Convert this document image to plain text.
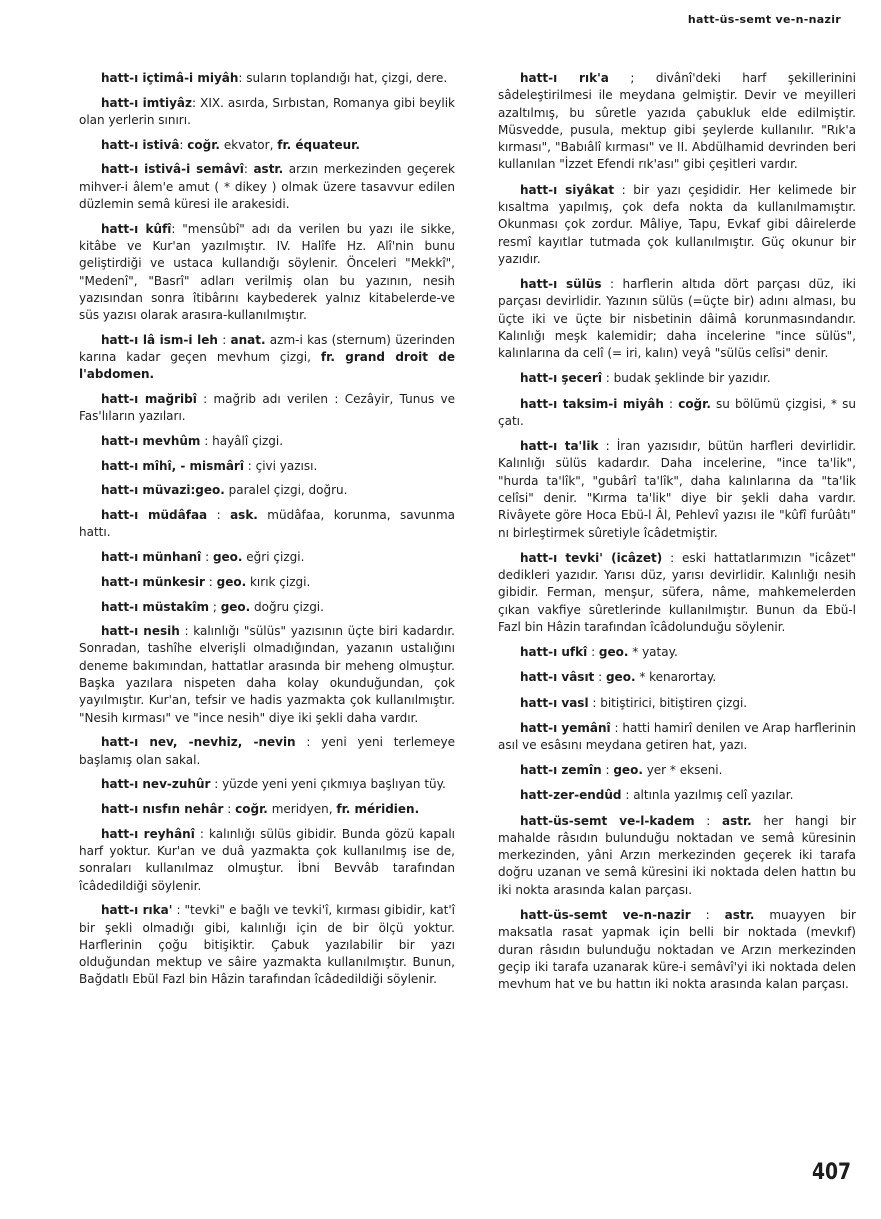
hatt-üs-semt ve-n-nazir

hatt-ı içtimâ-i miyâh: suların toplandığı hat, çizgi, dere.

hatt-ı imtiyâz: XIX. asırda, Sırbıstan, Romanya gibi beylik olan yerlerin sınırı.

hatt-ı istivâ: coğr. ekvator, fr. équateur.

hatt-ı istivâ-i semâvî: astr. arzın merkezinden geçerek mihver-i âlem'e amut ( * dikey ) olmak üzere tasavvur edilen düzlemin semâ küresi ile arakesidi.

hatt-ı kûfî: "mensûbî" adı da verilen bu yazı ile sikke, kitâbe ve Kur'an yazılmıştır. IV. Halîfe Hz. Alî'nin bunu geliştirdiği ve ustaca kullandığı söylenir. Önceleri "Mekkî", "Medenî", "Basrî" adları verilmiş olan bu yazının, nesih yazısından sonra îtibârını kaybederek yalnız kitabelerde-ve süs yazısı olarak arasıra-kullanılmıştır.

hatt-ı lâ ism-i leh : anat. azm-i kas (sternum) üzerinden karına kadar geçen mevhum çizgi, fr. grand droit de l'abdomen.

hatt-ı mağribî : mağrib adı verilen : Cezâyir, Tunus ve Fas'lıların yazıları.

hatt-ı mevhûm : hayâlî çizgi.

hatt-ı mîhî, - mismârî : çivi yazısı.

hatt-ı müvazi:geo. paralel çizgi, doğru.

hatt-ı müdâfaa : ask. müdâfaa, korunma, savunma hattı.

hatt-ı münhanî : geo. eğri çizgi.

hatt-ı münkesir : geo. kırık çizgi.

hatt-ı müstakîm ; geo. doğru çizgi.

hatt-ı nesih : kalınlığı "sülüs" yazısının üçte biri kadardır. Sonradan, tashîhe elverişli olmadığından, yazanın ustalığını deneme bakımından, hattatlar arasında bir meheng olmuştur. Başka yazılara nispeten daha kolay okunduğundan, çok yayılmıştır. Kur'an, tefsir ve hadis yazmakta çok kullanılmıştır. "Nesih kırması" ve "ince nesih" diye iki şekli daha vardır.

hatt-ı nev, -nevhiz, -nevin : yeni yeni terlemeye başlamış olan sakal.

hatt-ı nev-zuhûr : yüzde yeni yeni çıkmıya başlıyan tüy.

hatt-ı nısfın nehâr : coğr. meridyen, fr. méridien.

hatt-ı reyhânî : kalınlığı sülüs gibidir. Bunda gözü kapalı harf yoktur. Kur'an ve duâ yazmakta çok kullanılmış ise de, sonraları kullanılmaz olmuştur. İbni Bevvâb tarafından îcâdedildiği söylenir.

hatt-ı rıka' : "tevki" e bağlı ve tevki'î, kırması gibidir, kat'î bir şekli olmadığı gibi, kalınlığı için de bir ölçü yoktur. Harflerinin çoğu bitişiktir. Çabuk yazılabilir bir yazı olduğundan mektup ve sâire yazmakta kullanılmıştır. Bunun, Bağdatlı Ebül Fazl bin Hâzin tarafından îcâdedildiği söylenir.

hatt-ı rık'a ; divânî'deki harf şekillerinini sâdeleştirilmesi ile meydana gelmiştir. Devir ve meyilleri azaltılmış, bu sûretle yazıda çabukluk elde edilmiştir. Müsvedde, pusula, mektup gibi şeylerde kullanılır. "Rık'a kırması", "Babıâlî kırması" ve II. Abdülhamid devrinden beri kullanılan "İzzet Efendi rık'ası" gibi çeşitleri vardır.

hatt-ı siyâkat : bir yazı çeşididir. Her kelimede bir kısaltma yapılmış, çok defa nokta da kullanılmamıştır. Okunması çok zordur. Mâliye, Tapu, Evkaf gibi dâirelerde resmî kayıtlar tutmada çok kullanılmıştır. Güç okunur bir yazıdır.

hatt-ı sülüs : harflerin altıda dört parçası düz, iki parçası devirlidir. Yazının sülüs (=üçte bir) adını alması, bu üçte iki ve üçte bir nisbetinin dâimâ korunmasındandır. Kalınlığı meşk kalemidir; daha incelerine "ince sülüs", kalınlarına da celî (= iri, kalın) veyâ "sülüs celîsi" denir.

hatt-ı şecerî : budak şeklinde bir yazıdır.

hatt-ı taksim-i miyâh : coğr. su bölümü çizgisi, * su çatı.

hatt-ı ta'lik : İran yazısıdır, bütün harfleri devirlidir. Kalınlığı sülüs kadardır. Daha incelerine, "ince ta'lik", "hurda ta'lîk", "gubârî ta'lîk", daha kalınlarına da "ta'lik celîsi" denir. "Kırma ta'lik" diye bir şekli daha vardır. Rivâyete göre Hoca Ebü-l Âl, Pehlevî yazısı ile "kûfî furûâtı" nı birleştirmek sûretiyle îcâdetmiştir.

hatt-ı tevki' (icâzet) : eski hattatlarımızın "icâzet" dedikleri yazıdır. Yarısı düz, yarısı devirlidir. Kalınlığı nesih gibidir. Ferman, menşur, süfera, nâme, mahkemelerden çıkan vakfiye sûretlerinde kullanılmıştır. Bunun da Ebü-l Fazl bin Hâzin tarafından îcâdolunduğu söylenir.

hatt-ı ufkî : geo. * yatay.

hatt-ı vâsıt : geo. * kenarortay.

hatt-ı vasl : bitiştirici, bitiştiren çizgi.

hatt-ı yemânî : hatti hamirî denilen ve Arap harflerinin asıl ve esâsını meydana getiren hat, yazı.

hatt-ı zemîn : geo. yer * ekseni.

hatt-zer-endûd : altınla yazılmış celî yazılar.

hatt-üs-semt ve-l-kadem : astr. her hangi bir mahalde râsıdın bulunduğu noktadan ve semâ küresinin merkezinden, yâni Arzın merkezinden geçerek iki tarafa doğru uzanan ve semâ küresini iki noktada delen hattın bu iki nokta arasında kalan parçası.

hatt-üs-semt ve-n-nazir : astr. muayyen bir maksatla rasat yapmak için belli bir noktada (mevkıf) duran râsıdın bulunduğu noktadan ve Arzın merkezinden geçip iki tarafa uzanarak küre-i semâvî'yi iki noktada delen mevhum hat ve bu hattın iki nokta arasında kalan parçası.

407
